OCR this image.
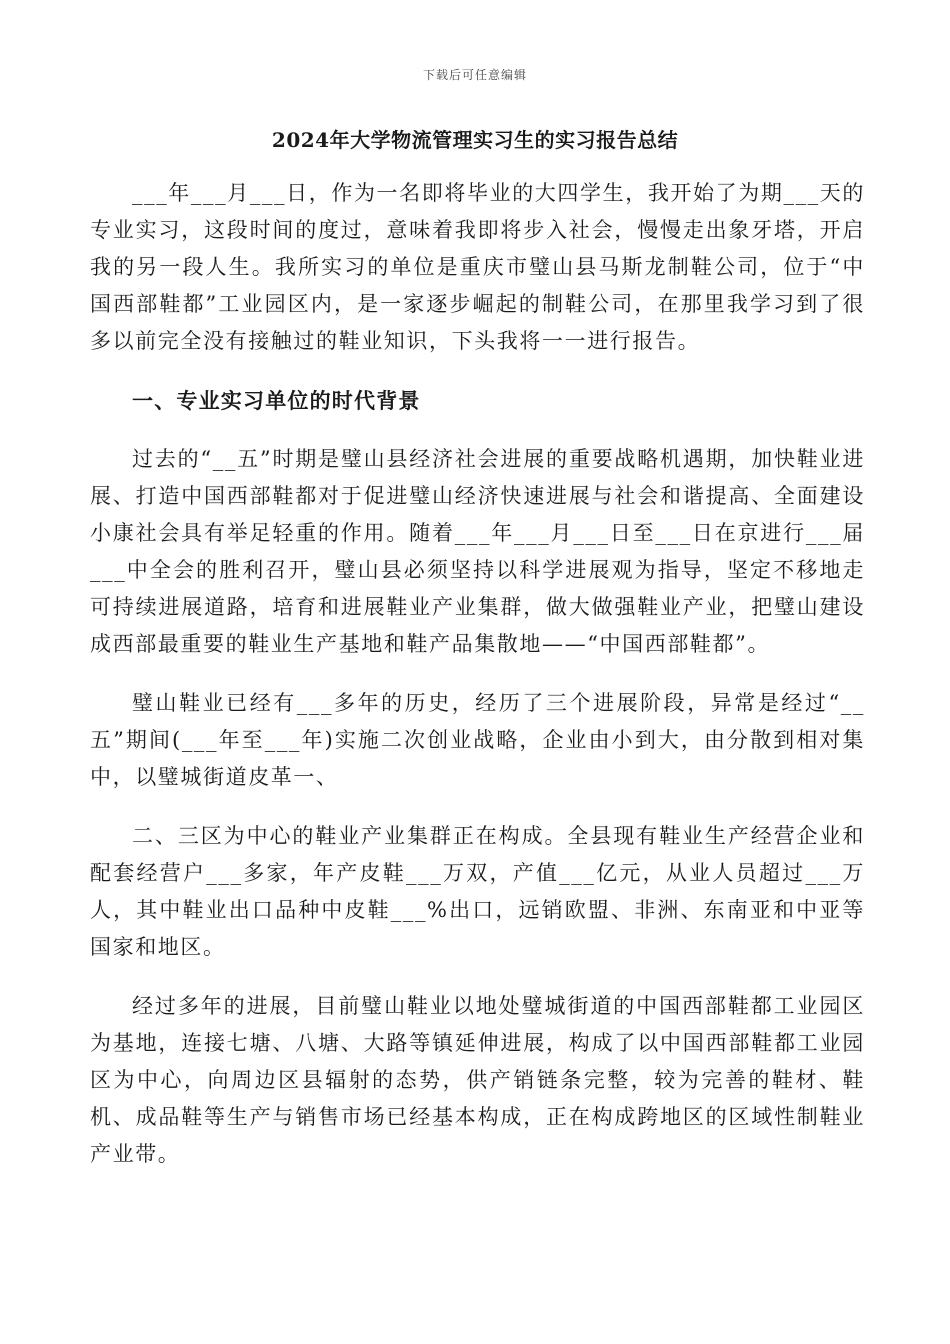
下载后可任意编辑
2024年大学物流管理实习生的实习报告总结

___年___月___日，作为一名即将毕业的大四学生，我开始了为期___天的专业实习，这段时间的度过，意味着我即将步入社会，慢慢走出象牙塔，开启我的另一段人生。我所实习的单位是重庆市璧山县马斯龙制鞋公司，位于“中国西部鞋都”工业园区内，是一家逐步崛起的制鞋公司，在那里我学习到了很多以前完全没有接触过的鞋业知识，下头我将一一进行报告。

一、专业实习单位的时代背景

过去的“__五”时期是璧山县经济社会进展的重要战略机遇期，加快鞋业进展、打造中国西部鞋都对于促进璧山经济快速进展与社会和谐提高、全面建设小康社会具有举足轻重的作用。随着___年___月___日至___日在京进行___届___中全会的胜利召开，璧山县必须坚持以科学进展观为指导，坚定不移地走可持续进展道路，培育和进展鞋业产业集群，做大做强鞋业产业，把璧山建设成西部最重要的鞋业生产基地和鞋产品集散地——“中国西部鞋都”。

璧山鞋业已经有___多年的历史，经历了三个进展阶段，异常是经过“__五”期间(___年至___年)实施二次创业战略，企业由小到大，由分散到相对集中，以璧城街道皮革一、

二、三区为中心的鞋业产业集群正在构成。全县现有鞋业生产经营企业和配套经营户___多家，年产皮鞋___万双，产值___亿元，从业人员超过___万人，其中鞋业出口品种中皮鞋___%出口，远销欧盟、非洲、东南亚和中亚等国家和地区。

经过多年的进展，目前璧山鞋业以地处璧城街道的中国西部鞋都工业园区为基地，连接七塘、八塘、大路等镇延伸进展，构成了以中国西部鞋都工业园区为中心，向周边区县辐射的态势，供产销链条完整，较为完善的鞋材、鞋机、成品鞋等生产与销售市场已经基本构成，正在构成跨地区的区域性制鞋业产业带。
